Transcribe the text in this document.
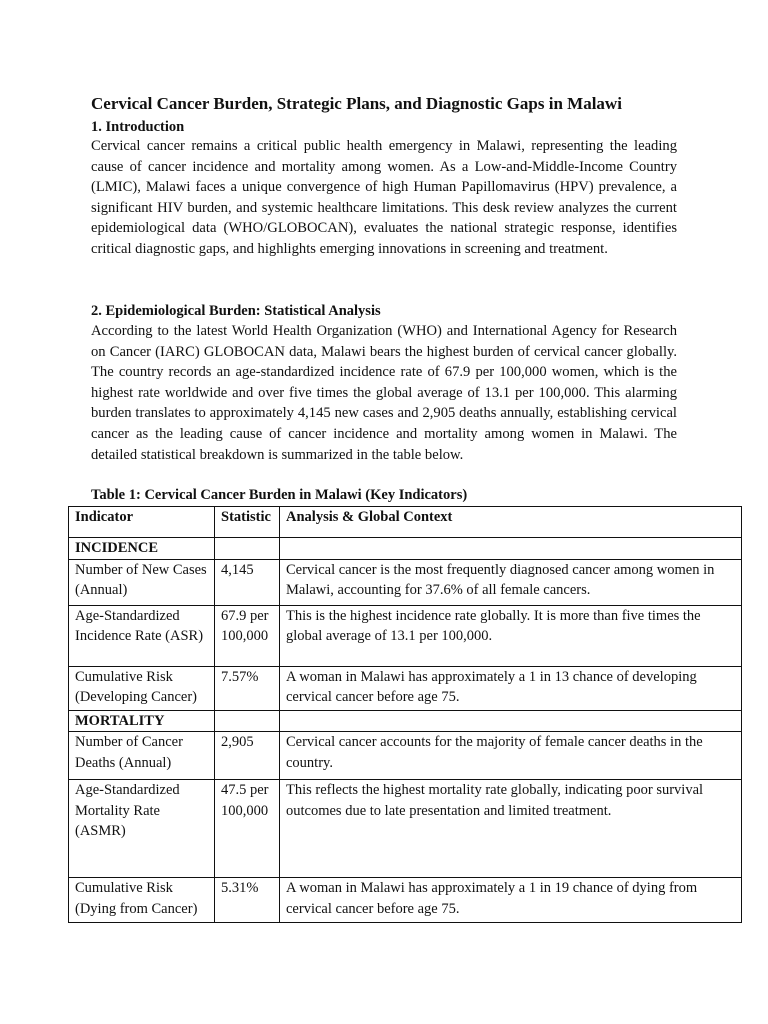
Cervical Cancer Burden, Strategic Plans, and Diagnostic Gaps in Malawi
1. Introduction
Cervical cancer remains a critical public health emergency in Malawi, representing the leading cause of cancer incidence and mortality among women. As a Low-and-Middle-Income Country (LMIC), Malawi faces a unique convergence of high Human Papillomavirus (HPV) prevalence, a significant HIV burden, and systemic healthcare limitations. This desk review analyzes the current epidemiological data (WHO/GLOBOCAN), evaluates the national strategic response, identifies critical diagnostic gaps, and highlights emerging innovations in screening and treatment.
2. Epidemiological Burden: Statistical Analysis
According to the latest World Health Organization (WHO) and International Agency for Research on Cancer (IARC) GLOBOCAN data, Malawi bears the highest burden of cervical cancer globally. The country records an age-standardized incidence rate of 67.9 per 100,000 women, which is the highest rate worldwide and over five times the global average of 13.1 per 100,000. This alarming burden translates to approximately 4,145 new cases and 2,905 deaths annually, establishing cervical cancer as the leading cause of cancer incidence and mortality among women in Malawi. The detailed statistical breakdown is summarized in the table below.
Table 1: Cervical Cancer Burden in Malawi (Key Indicators)
Indicator	Statistic	Analysis & Global Context
INCIDENCE		
Number of New Cases (Annual)	4,145	Cervical cancer is the most frequently diagnosed cancer among women in Malawi, accounting for 37.6% of all female cancers.
Age-Standardized Incidence Rate (ASR)	67.9 per 100,000	This is the highest incidence rate globally. It is more than five times the global average of 13.1 per 100,000.
Cumulative Risk (Developing Cancer)	7.57%	A woman in Malawi has approximately a 1 in 13 chance of developing cervical cancer before age 75.
MORTALITY		
Number of Cancer Deaths (Annual)	2,905	Cervical cancer accounts for the majority of female cancer deaths in the country.
Age-Standardized Mortality Rate (ASMR)	47.5 per 100,000	This reflects the highest mortality rate globally, indicating poor survival outcomes due to late presentation and limited treatment.
Cumulative Risk (Dying from Cancer)	5.31%	A woman in Malawi has approximately a 1 in 19 chance of dying from cervical cancer before age 75.
